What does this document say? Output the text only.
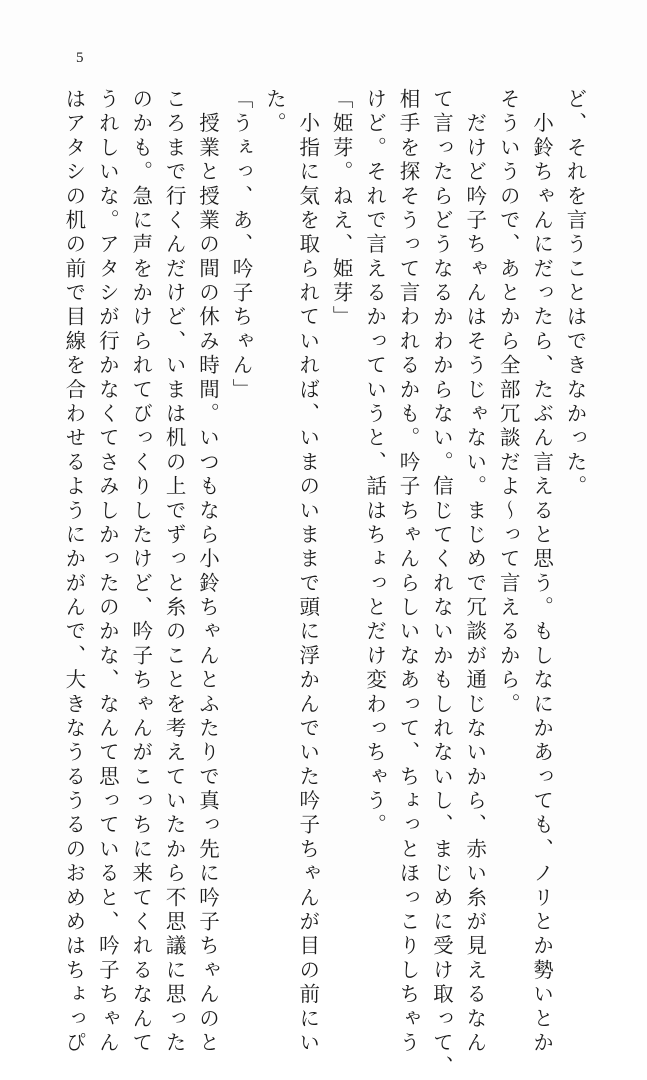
5
ど、それを言うことはできなかった。
　小鈴ちゃんにだったら、たぶん言えると思う。もしなにかあっても、ノリとか勢いとか
そういうので、あとから全部冗談だよ〜って言えるから。
　だけど吟子ちゃんはそうじゃない。まじめで冗談が通じないから、赤い糸が見えるなん
て言ったらどうなるかわからない。信じてくれないかもしれないし、まじめに受け取って、
相手を探そうって言われるかも。吟子ちゃんらしいなあって、ちょっとほっこりしちゃう
けど。それで言えるかっていうと、話はちょっとだけ変わっちゃう。
「姫芽。ねえ、姫芽」
　小指に気を取られていれば、いまのいままで頭に浮かんでいた吟子ちゃんが目の前にい
た。
「うぇっ、あ、吟子ちゃん」
　授業と授業の間の休み時間。いつもなら小鈴ちゃんとふたりで真っ先に吟子ちゃんのと
ころまで行くんだけど、いまは机の上でずっと糸のことを考えていたから不思議に思った
のかも。急に声をかけられてびっくりしたけど、吟子ちゃんがこっちに来てくれるなんて
うれしいな。アタシが行かなくてさみしかったのかな、なんて思っていると、吟子ちゃん
はアタシの机の前で目線を合わせるようにかがんで、大きなうるうるのおめめはちょっぴ
